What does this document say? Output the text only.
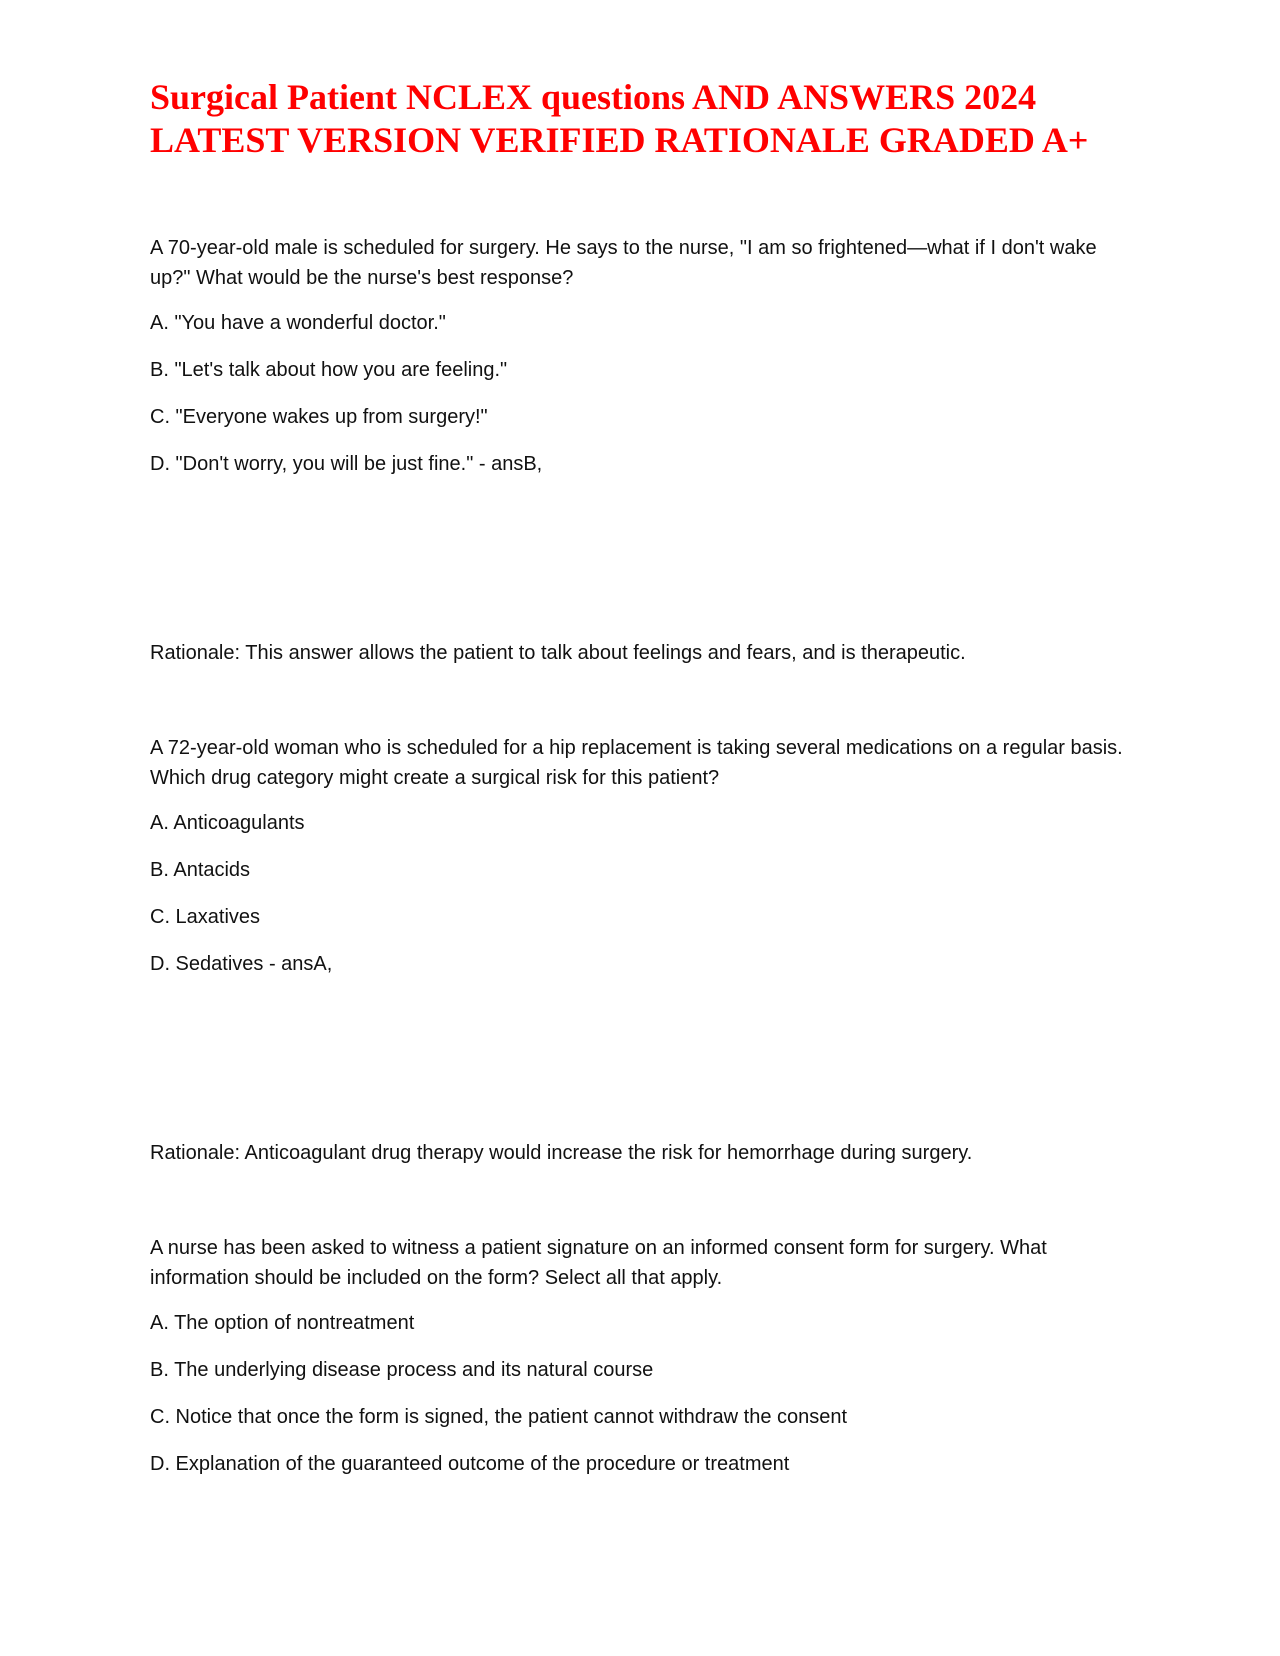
Surgical Patient NCLEX questions AND ANSWERS 2024 LATEST VERSION VERIFIED RATIONALE GRADED A+

A 70-year-old male is scheduled for surgery. He says to the nurse, "I am so frightened—what if I don't wake up?" What would be the nurse's best response?

A. "You have a wonderful doctor."

B. "Let's talk about how you are feeling."

C. "Everyone wakes up from surgery!"

D. "Don't worry, you will be just fine." - ansB,

Rationale: This answer allows the patient to talk about feelings and fears, and is therapeutic.

A 72-year-old woman who is scheduled for a hip replacement is taking several medications on a regular basis. Which drug category might create a surgical risk for this patient?

A. Anticoagulants

B. Antacids

C. Laxatives

D. Sedatives - ansA,

Rationale: Anticoagulant drug therapy would increase the risk for hemorrhage during surgery.

A nurse has been asked to witness a patient signature on an informed consent form for surgery. What information should be included on the form? Select all that apply.

A. The option of nontreatment

B. The underlying disease process and its natural course

C. Notice that once the form is signed, the patient cannot withdraw the consent

D. Explanation of the guaranteed outcome of the procedure or treatment
